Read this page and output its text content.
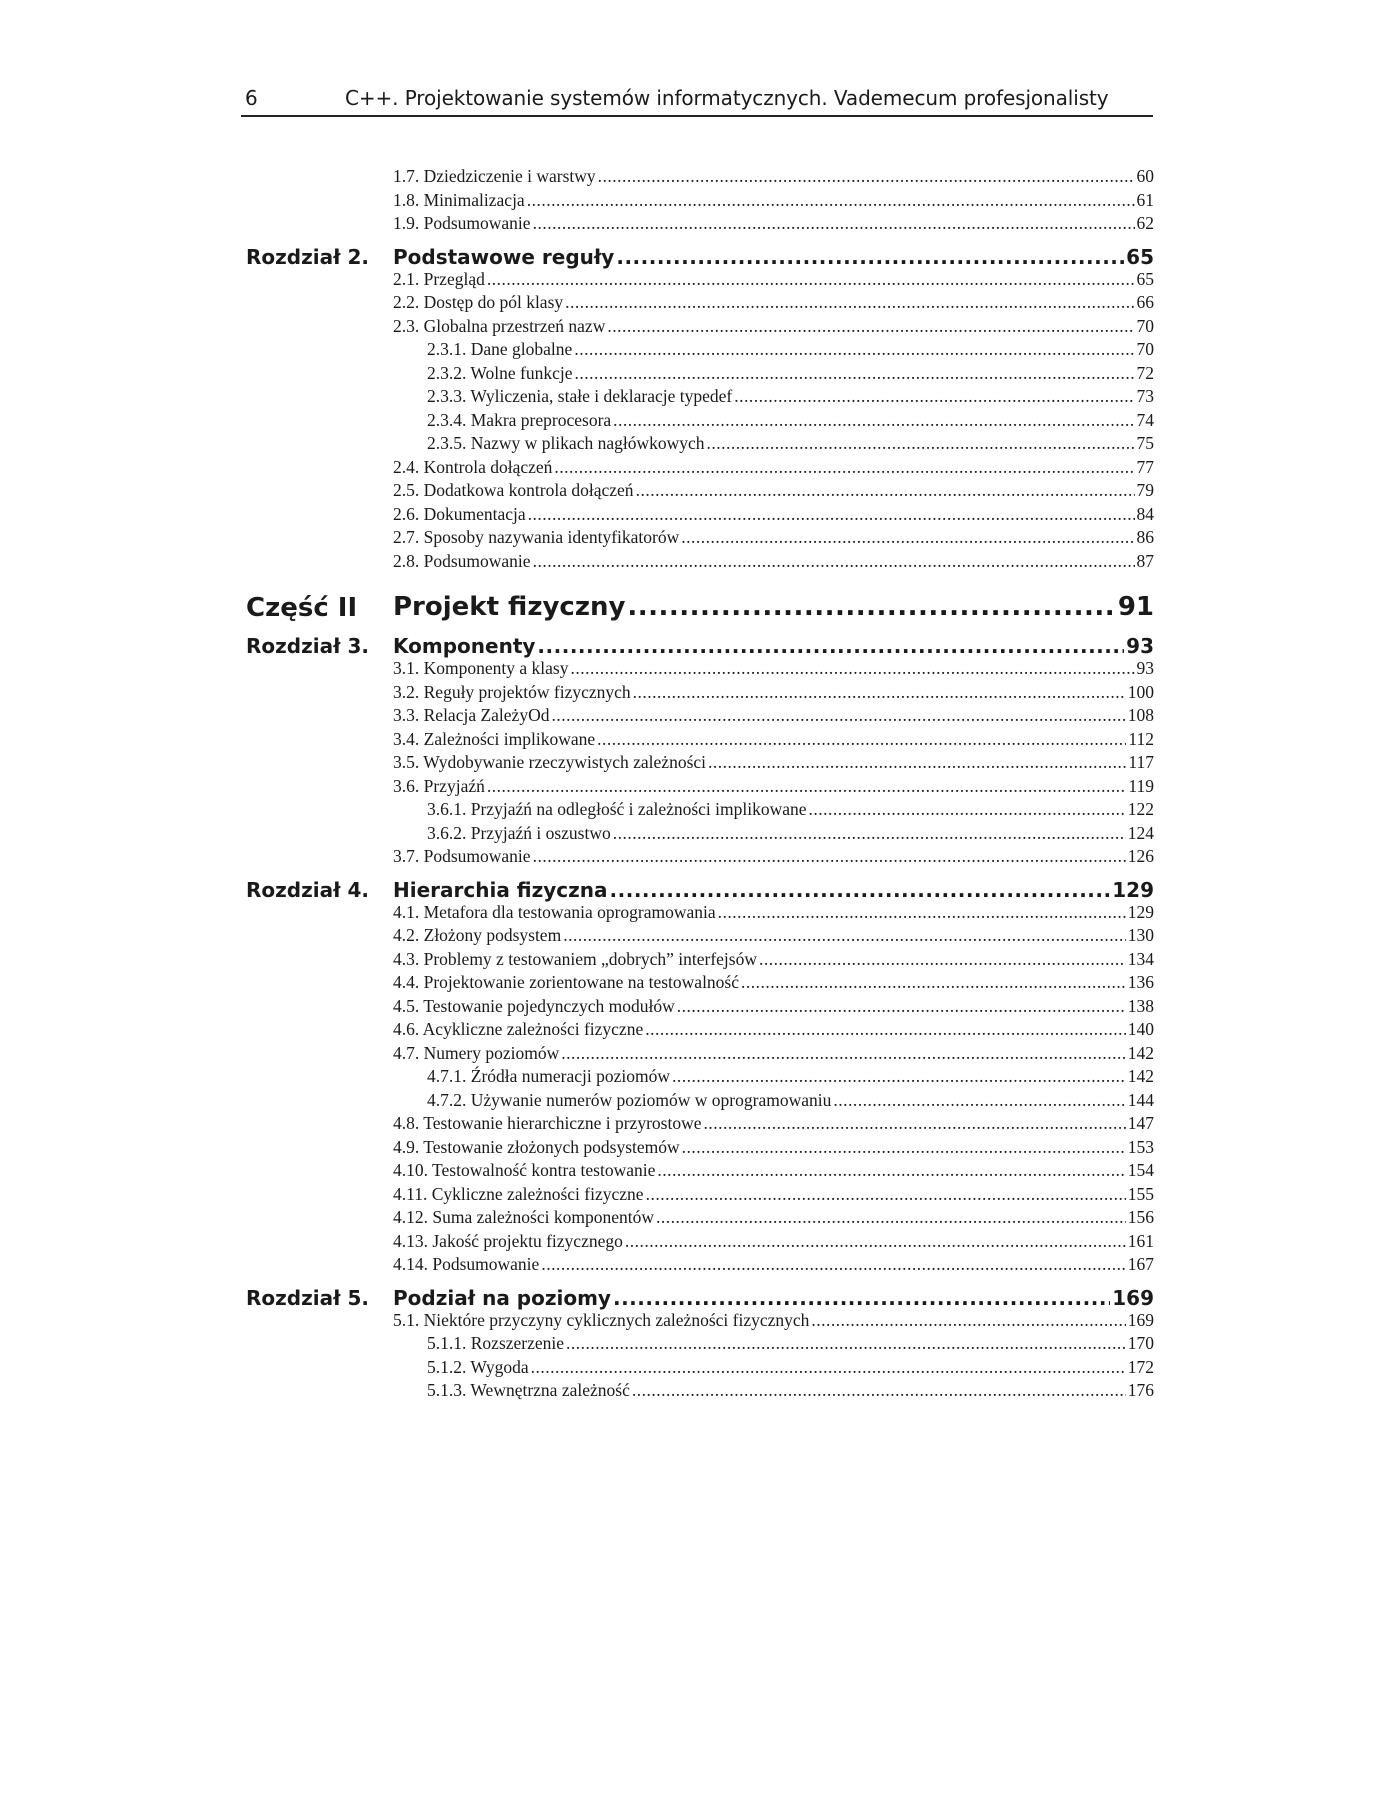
6	C++. Projektowanie systemów informatycznych. Vademecum profesjonalisty
1.7. Dziedziczenie i warstwy .....	60
1.8. Minimalizacja .....	61
1.9. Podsumowanie .....	62
Rozdział 2. Podstawowe reguły .....	65
2.1. Przegląd .....	65
2.2. Dostęp do pól klasy .....	66
2.3. Globalna przestrzeń nazw .....	70
2.3.1. Dane globalne .....	70
2.3.2. Wolne funkcje .....	72
2.3.3. Wyliczenia, stałe i deklaracje typedef .....	73
2.3.4. Makra preprocesora .....	74
2.3.5. Nazwy w plikach nagłówkowych .....	75
2.4. Kontrola dołączeń .....	77
2.5. Dodatkowa kontrola dołączeń .....	79
2.6. Dokumentacja .....	84
2.7. Sposoby nazywania identyfikatorów .....	86
2.8. Podsumowanie .....	87
Część II Projekt fizyczny .....	91
Rozdział 3. Komponenty .....	93
3.1. Komponenty a klasy .....	93
3.2. Reguły projektów fizycznych .....	100
3.3. Relacja ZależyOd .....	108
3.4. Zależności implikowane .....	112
3.5. Wydobywanie rzeczywistych zależności .....	117
3.6. Przyjaźń .....	119
3.6.1. Przyjaźń na odległość i zależności implikowane .....	122
3.6.2. Przyjaźń i oszustwo .....	124
3.7. Podsumowanie .....	126
Rozdział 4. Hierarchia fizyczna .....	129
4.1. Metafora dla testowania oprogramowania .....	129
4.2. Złożony podsystem .....	130
4.3. Problemy z testowaniem „dobrych” interfejsów .....	134
4.4. Projektowanie zorientowane na testowalność .....	136
4.5. Testowanie pojedynczych modułów .....	138
4.6. Acykliczne zależności fizyczne .....	140
4.7. Numery poziomów .....	142
4.7.1. Źródła numeracji poziomów .....	142
4.7.2. Używanie numerów poziomów w oprogramowaniu .....	144
4.8. Testowanie hierarchiczne i przyrostowe .....	147
4.9. Testowanie złożonych podsystemów .....	153
4.10. Testowalność kontra testowanie .....	154
4.11. Cykliczne zależności fizyczne .....	155
4.12. Suma zależności komponentów .....	156
4.13. Jakość projektu fizycznego .....	161
4.14. Podsumowanie .....	167
Rozdział 5. Podział na poziomy .....	169
5.1. Niektóre przyczyny cyklicznych zależności fizycznych .....	169
5.1.1. Rozszerzenie .....	170
5.1.2. Wygoda .....	172
5.1.3. Wewnętrzna zależność .....	176
